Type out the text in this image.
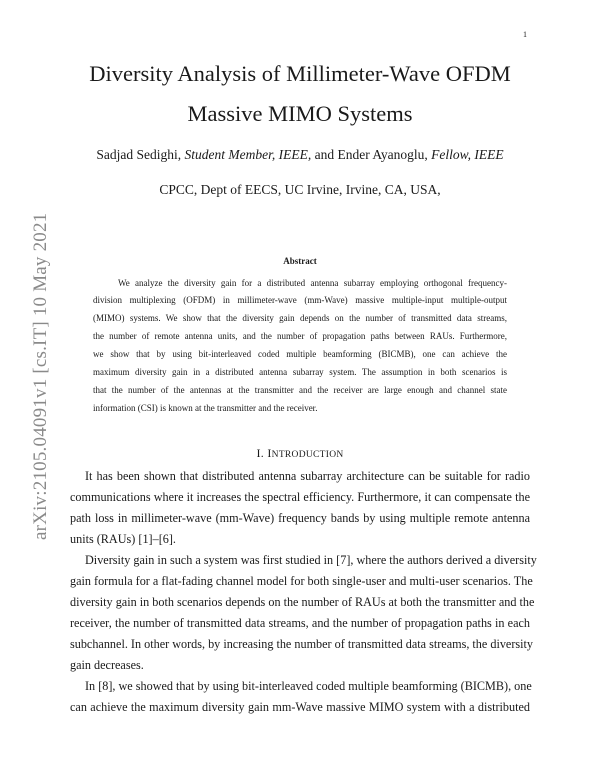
1
arXiv:2105.04091v1 [cs.IT] 10 May 2021
Diversity Analysis of Millimeter-Wave OFDM
Massive MIMO Systems
Sadjad Sedighi, Student Member, IEEE, and Ender Ayanoglu, Fellow, IEEE
CPCC, Dept of EECS, UC Irvine, Irvine, CA, USA,
Abstract
We analyze the diversity gain for a distributed antenna subarray employing orthogonal frequency-
division multiplexing (OFDM) in millimeter-wave (mm-Wave) massive multiple-input multiple-output
(MIMO) systems. We show that the diversity gain depends on the number of transmitted data streams,
the number of remote antenna units, and the number of propagation paths between RAUs. Furthermore,
we show that by using bit-interleaved coded multiple beamforming (BICMB), one can achieve the
maximum diversity gain in a distributed antenna subarray system. The assumption in both scenarios is
that the number of the antennas at the transmitter and the receiver are large enough and channel state
information (CSI) is known at the transmitter and the receiver.
I. INTRODUCTION
It has been shown that distributed antenna subarray architecture can be suitable for radio
communications where it increases the spectral efficiency. Furthermore, it can compensate the
path loss in millimeter-wave (mm-Wave) frequency bands by using multiple remote antenna
units (RAUs) [1]–[6].
Diversity gain in such a system was first studied in [7], where the authors derived a diversity
gain formula for a flat-fading channel model for both single-user and multi-user scenarios. The
diversity gain in both scenarios depends on the number of RAUs at both the transmitter and the
receiver, the number of transmitted data streams, and the number of propagation paths in each
subchannel. In other words, by increasing the number of transmitted data streams, the diversity
gain decreases.
In [8], we showed that by using bit-interleaved coded multiple beamforming (BICMB), one
can achieve the maximum diversity gain mm-Wave massive MIMO system with a distributed
